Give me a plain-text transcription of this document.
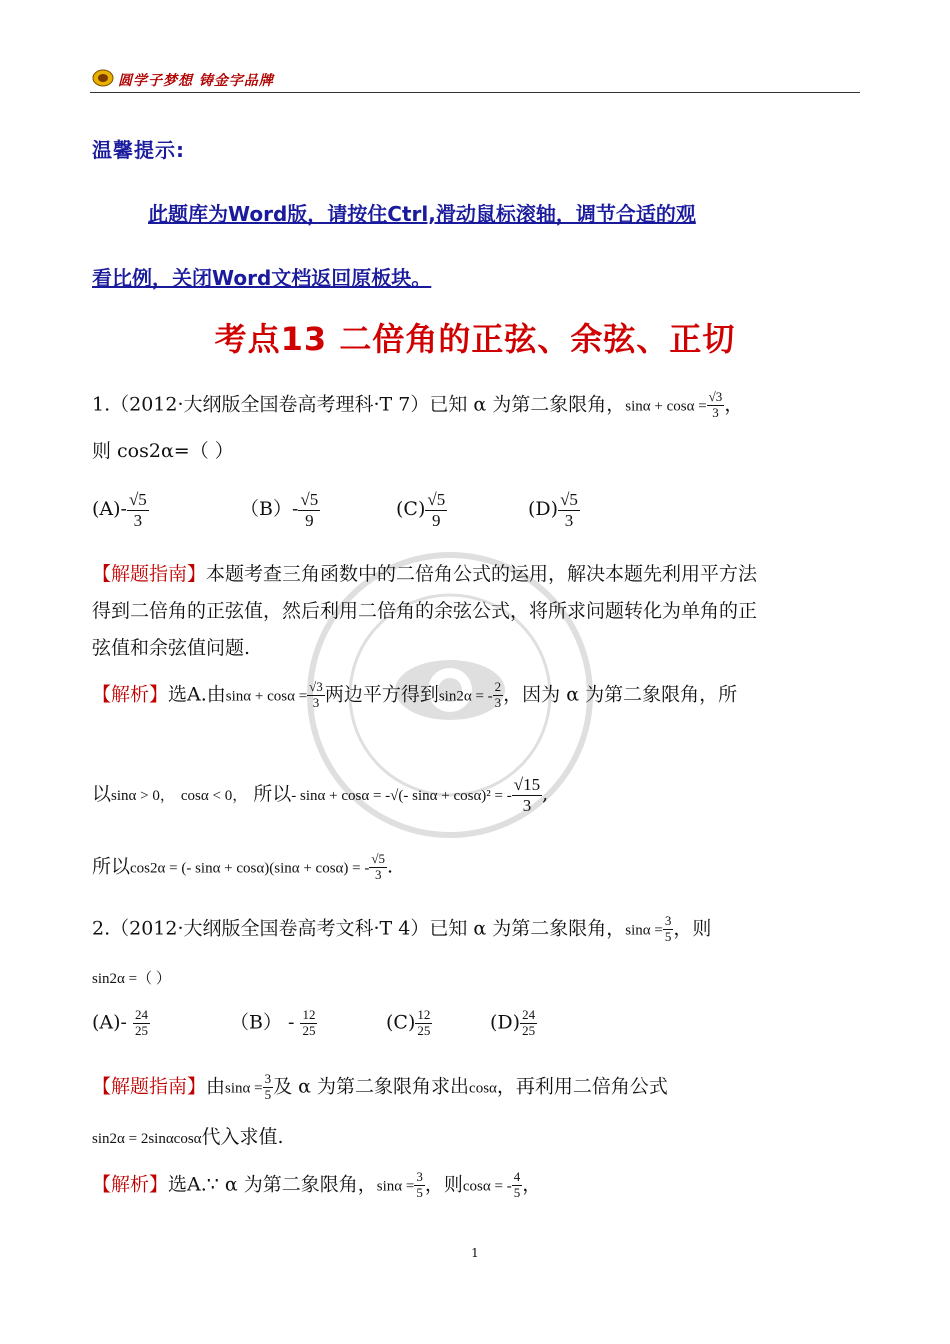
圆学子梦想 铸金字品牌
温馨提示:
此题库为Word版，请按住Ctrl,滑动鼠标滚轴，调节合适的观
看比例，关闭Word文档返回原板块。
考点13 二倍角的正弦、余弦、正切
1.（2012·大纲版全国卷高考理科·T 7）已知 α 为第二象限角，$\sin\alpha + \cos\alpha = \frac{√3}{3}$ ，
则 cos2α=（ ）
$(A)- \frac{√5}{3}$	$(B)- \frac{√5}{9}$	$(C) \frac{√5}{9}$	$(D) \frac{√5}{3}$
【解题指南】本题考查三角函数中的二倍角公式的运用，解决本题先利用平方法
得到二倍角的正弦值，然后利用二倍角的余弦公式，将所求问题转化为单角的正
弦值和余弦值问题.
【解析】选A.由$\sin\alpha + \cos\alpha = \frac{√3}{3}$ 两边平方得到sin2α = - $\frac{2}{3}$ ，因为 α 为第二象限角，所
以sinα > 0， cosα < 0， 所以- sinα + cosα = -√(- sinα + cosα)² = - $\frac{√15}{3}$ ,
所以cos2α = (- sinα + cosα)(sinα + cosα) = - $\frac{√5}{3}$ .
2.（2012·大纲版全国卷高考文科·T 4）已知 α 为第二象限角，$\sin\alpha = \frac{3}{5}$ ，则
sin2α =（ ）
$(A)- \frac{24}{25}$	$(B) - \frac{12}{25}$	$(C) \frac{12}{25}$	$(D) \frac{24}{25}$
【解题指南】由$\sin\alpha = \frac{3}{5}$ 及 α 为第二象限角求出cosα，再利用二倍角公式
sin2α = 2sinαcosα代入求值.
【解析】选A.∵ α 为第二象限角，$\sin\alpha = \frac{3}{5}$ ，则cosα = - $\frac{4}{5}$ ，
1
